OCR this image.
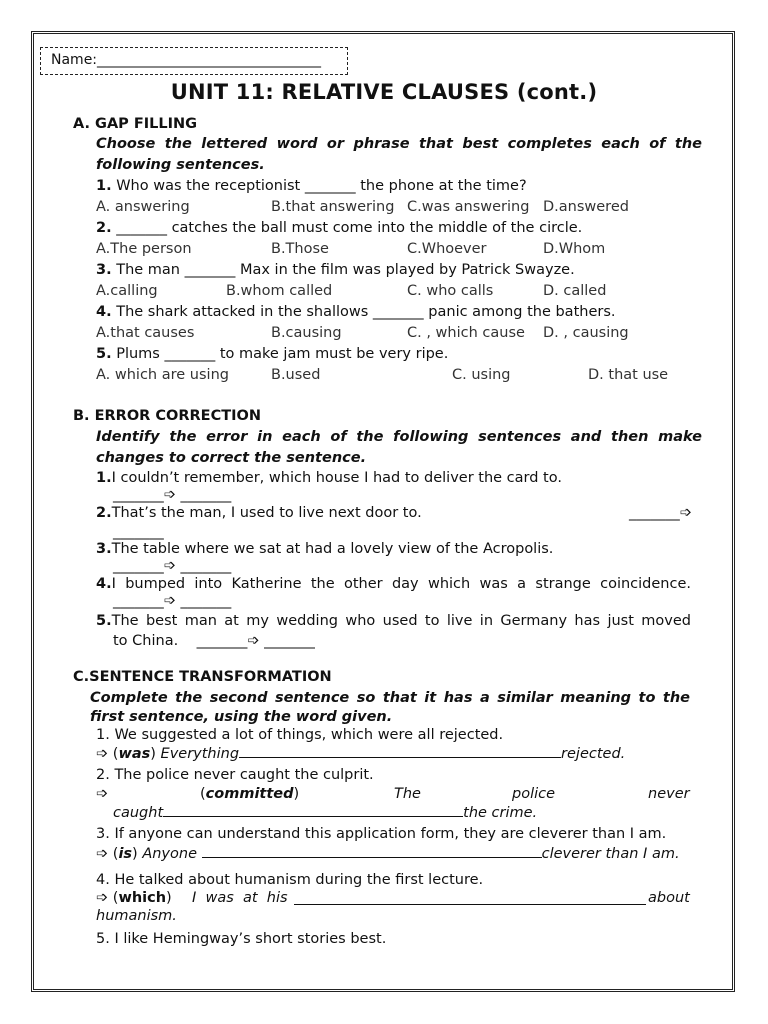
Name:________________________________
UNIT 11: RELATIVE CLAUSES (cont.)
A. GAP FILLING
Choose the lettered word or phrase that best completes each of the
following sentences.
1. Who was the receptionist _______ the phone at the time?
A. answering	B.that answering C.was answering D.answered
2. _______ catches the ball must come into the middle of the circle.
A.The person	B.Those	C.Whoever	D.Whom
3. The man _______ Max in the film was played by Patrick Swayze.
A.calling	B.whom called	C. who calls	D. called
4. The shark attacked in the shallows _______ panic among the bathers.
A.that causes	B.causing	C. , which cause D. , causing
5. Plums _______ to make jam must be very ripe.
A. which are using	B.used	C. using	D. that use
B. ERROR CORRECTION
Identify the error in each of the following sentences and then make
changes to correct the sentence.
1.I couldn’t remember, which house I had to deliver the card to.
_______➩ _______
2.That’s the man, I used to live next door to.	_______➩
_______
3.The table where we sat at had a lovely view of the Acropolis.
_______➩ _______
4.I bumped into Katherine the other day which was a strange coincidence.
_______➩ _______
5.The best man at my wedding who used to live in Germany has just moved
to China. _______➩ _______
C.SENTENCE TRANSFORMATION
Complete the second sentence so that it has a similar meaning to the
first sentence, using the word given.
1. We suggested a lot of things, which were all rejected.
➩ (was) Everything	rejected.
2. The police never caught the culprit.
➩	(committed)	The	police	never
caught	the crime.
3. If anyone can understand this application form, they are cleverer than I am.
➩ (is) Anyone	cleverer than I am.
4. He talked about humanism during the first lecture.
➩ (which) I  was  at  his	about
humanism.
5. I like Hemingway’s short stories best.
